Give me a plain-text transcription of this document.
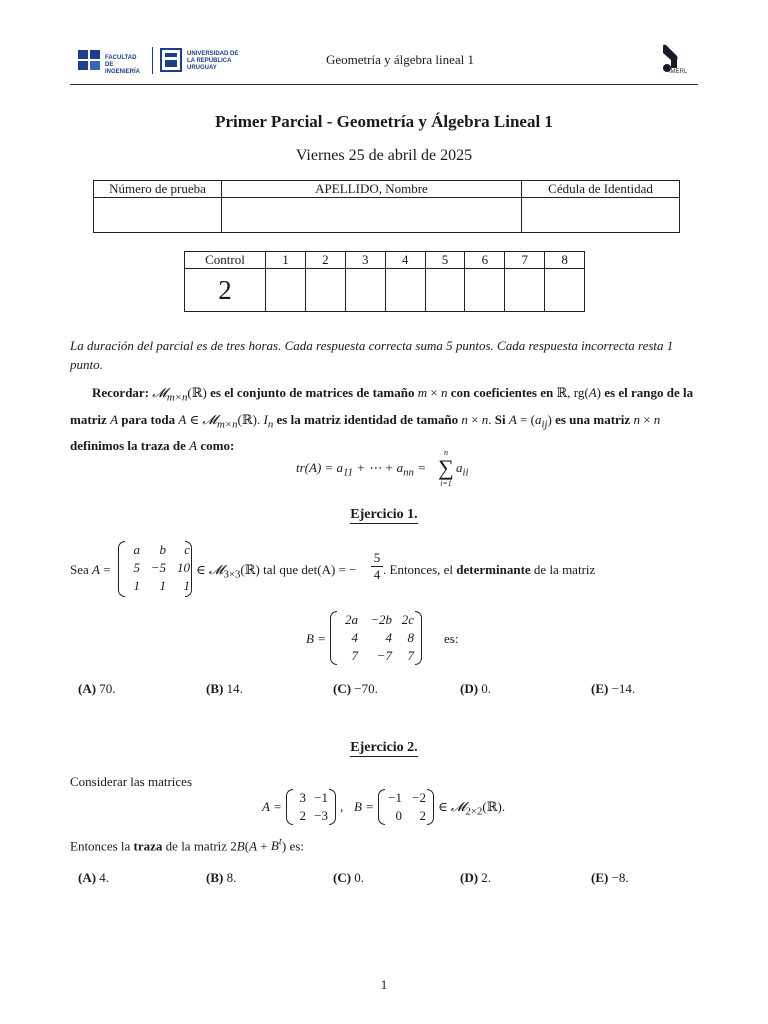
FACULTAD DE INGENIERÍA
UNIVERSIDAD DE LA REPÚBLICA URUGUAY
Geometría y álgebra lineal 1
IMERL
Primer Parcial - Geometría y Álgebra Lineal 1
Viernes 25 de abril de 2025
Número de prueba	APELLIDO, Nombre	Cédula de Identidad

Control	1	2	3	4	5	6	7	8
2								
La duración del parcial es de tres horas. Cada respuesta correcta suma 5 puntos. Cada respuesta incorrecta resta 1 punto.
Recordar: 𝓜$_{m\times n}$(ℝ) es el conjunto de matrices de tamaño m × n con coeficientes en ℝ, rg(A) es el rango de la matriz A para toda A ∈ 𝓜$_{m\times n}$(ℝ). $I_n$ es la matriz identidad de tamaño n × n. Si $A = (a_{ij})$ es una matriz n × n definimos la traza de A como:
$tr(A) = a_{11}$ + ⋯ + $a_{nn}$ =
n
∑
i=1
$a_{ii}$
Ejercicio 1.
Sea A =
a	b	c
5 −5 10
1	1	1
∈ 𝓜$_{3\times 3}$(ℝ) tal que det(A) = −
5
4 . Entonces, el determinante de la matriz
B =
2a −2b 2c
4	4	8
7	−7	7
es:
(A) 70.	(B) 14.	(C) −70.	(D) 0.	(E) −14.
Ejercicio 2.
Considerar las matrices
A =
3 −1
2 −3
, B =
−1 −2
0	2
∈ 𝓜$_{2\times 2}$(ℝ).
Entonces la traza de la matriz $2B(A + B^t)$ es:
(A) 4.	(B) 8.	(C) 0.	(D) 2.	(E) −8.
1
